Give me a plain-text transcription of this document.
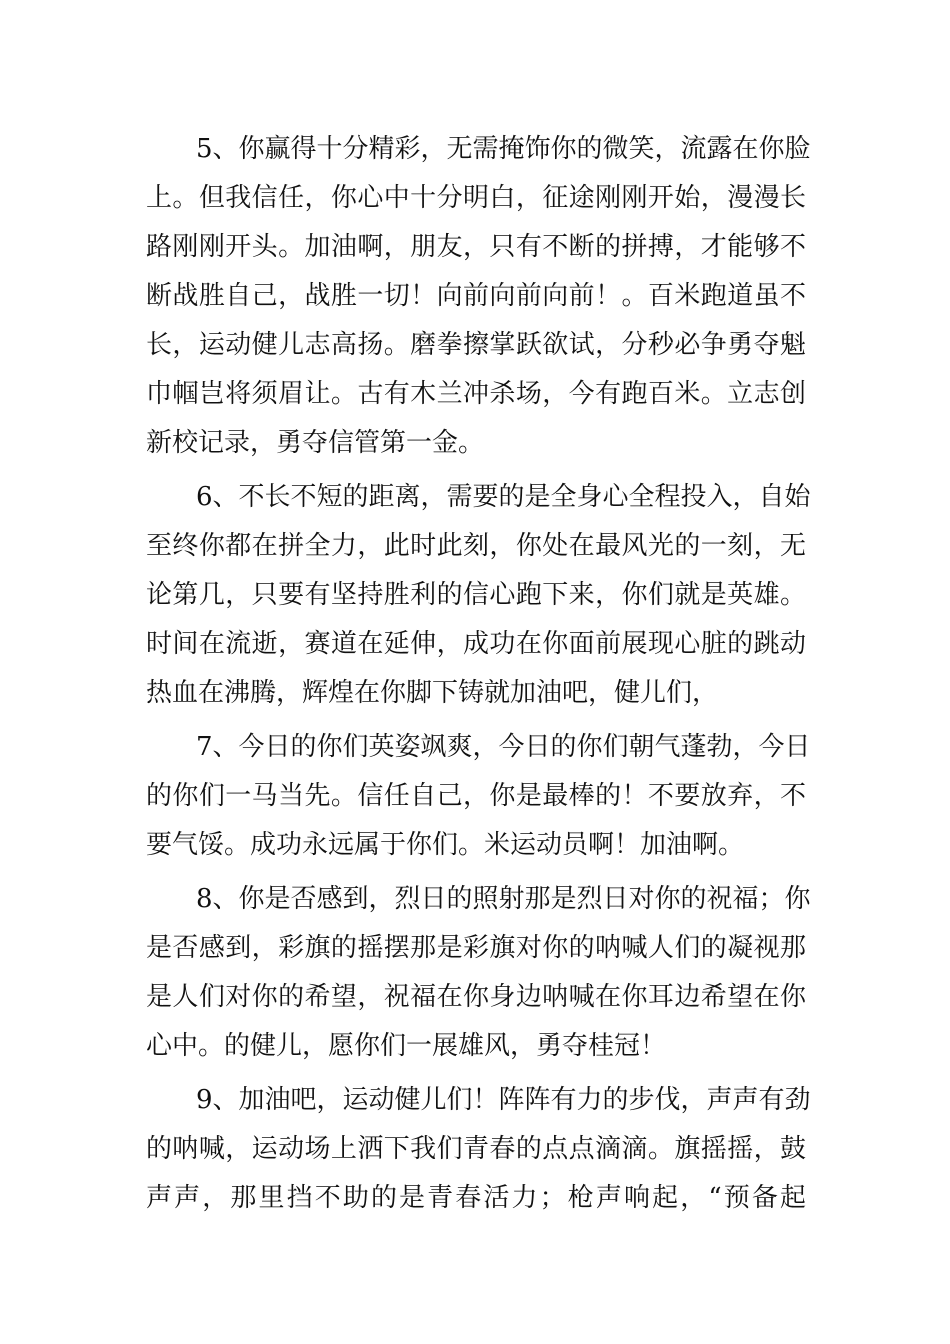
5、你赢得十分精彩，无需掩饰你的微笑，流露在你脸
上。但我信任，你心中十分明白，征途刚刚开始，漫漫长
路刚刚开头。加油啊，朋友，只有不断的拼搏，才能够不
断战胜自己，战胜一切！向前向前向前！。百米跑道虽不
长，运动健儿志高扬。磨拳擦掌跃欲试，分秒必争勇夺魁
巾帼岂将须眉让。古有木兰冲杀场，今有跑百米。立志创
新校记录，勇夺信管第一金。
6、不长不短的距离，需要的是全身心全程投入，自始
至终你都在拼全力，此时此刻，你处在最风光的一刻，无
论第几，只要有坚持胜利的信心跑下来，你们就是英雄。
时间在流逝，赛道在延伸，成功在你面前展现心脏的跳动
热血在沸腾，辉煌在你脚下铸就加油吧，健儿们，
7、今日的你们英姿飒爽，今日的你们朝气蓬勃，今日
的你们一马当先。信任自己，你是最棒的！不要放弃，不
要气馁。成功永远属于你们。米运动员啊！加油啊。
8、你是否感到，烈日的照射那是烈日对你的祝福；你
是否感到，彩旗的摇摆那是彩旗对你的呐喊人们的凝视那
是人们对你的希望，祝福在你身边呐喊在你耳边希望在你
心中。的健儿，愿你们一展雄风，勇夺桂冠！
9、加油吧，运动健儿们！阵阵有力的步伐，声声有劲
的呐喊，运动场上洒下我们青春的点点滴滴。旗摇摇，鼓
声声，那里挡不助的是青春活力；枪声响起，“预备起
